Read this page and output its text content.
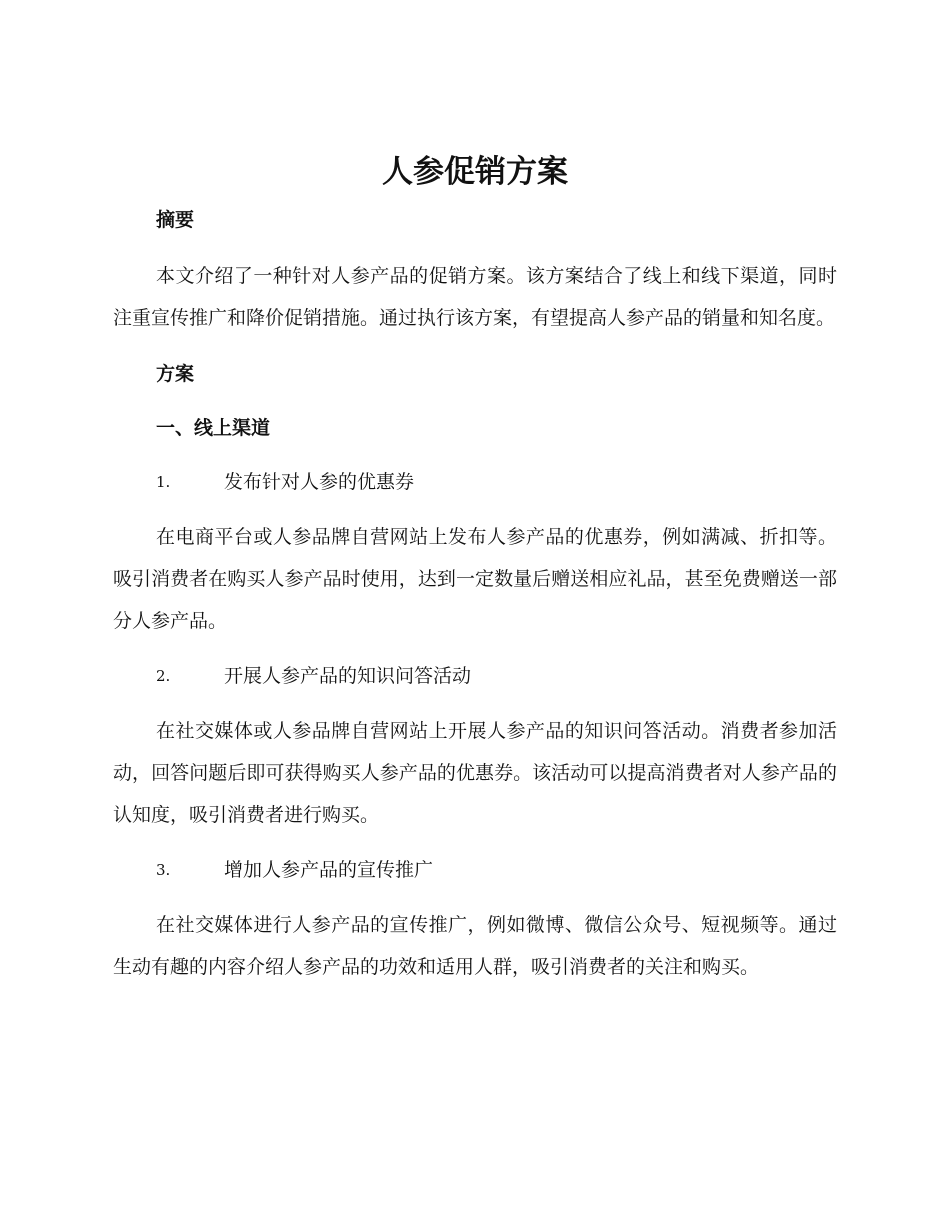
人参促销方案

摘要

本文介绍了一种针对人参产品的促销方案。该方案结合了线上和线下渠道，同时注重宣传推广和降价促销措施。通过执行该方案，有望提高人参产品的销量和知名度。

方案

一、线上渠道

1.	发布针对人参的优惠券

在电商平台或人参品牌自营网站上发布人参产品的优惠券，例如满减、折扣等。吸引消费者在购买人参产品时使用，达到一定数量后赠送相应礼品，甚至免费赠送一部分人参产品。

2.	开展人参产品的知识问答活动

在社交媒体或人参品牌自营网站上开展人参产品的知识问答活动。消费者参加活动，回答问题后即可获得购买人参产品的优惠券。该活动可以提高消费者对人参产品的认知度，吸引消费者进行购买。

3.	增加人参产品的宣传推广

在社交媒体进行人参产品的宣传推广，例如微博、微信公众号、短视频等。通过生动有趣的内容介绍人参产品的功效和适用人群，吸引消费者的关注和购买。
